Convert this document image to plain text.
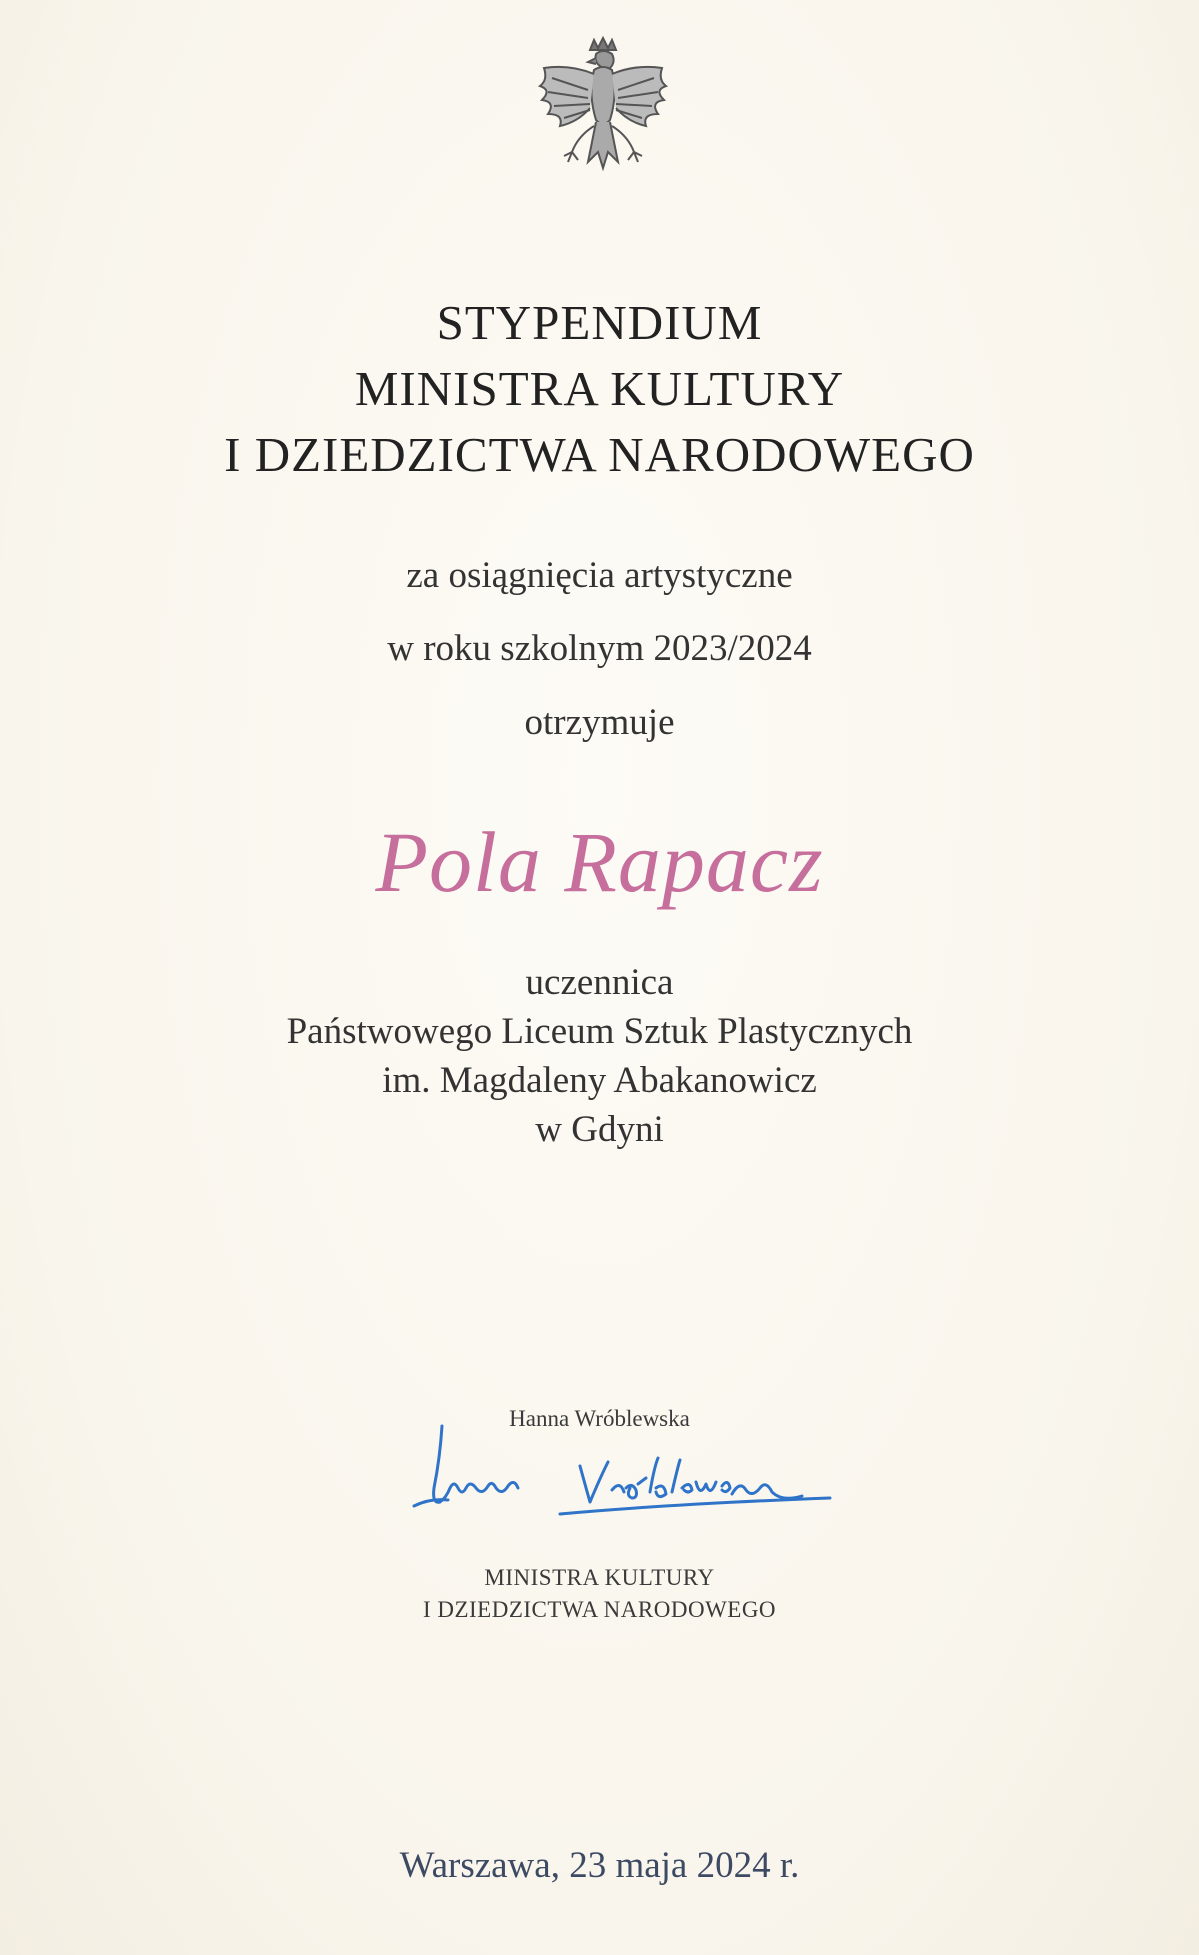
STYPENDIUM
MINISTRA KULTURY
I DZIEDZICTWA NARODOWEGO
za osiągnięcia artystyczne
w roku szkolnym 2023/2024
otrzymuje
Pola Rapacz
uczennica
Państwowego Liceum Sztuk Plastycznych
im. Magdaleny Abakanowicz
w Gdyni
Hanna Wróblewska
MINISTRA KULTURY
I DZIEDZICTWA NARODOWEGO
Warszawa, 23 maja 2024 r.
